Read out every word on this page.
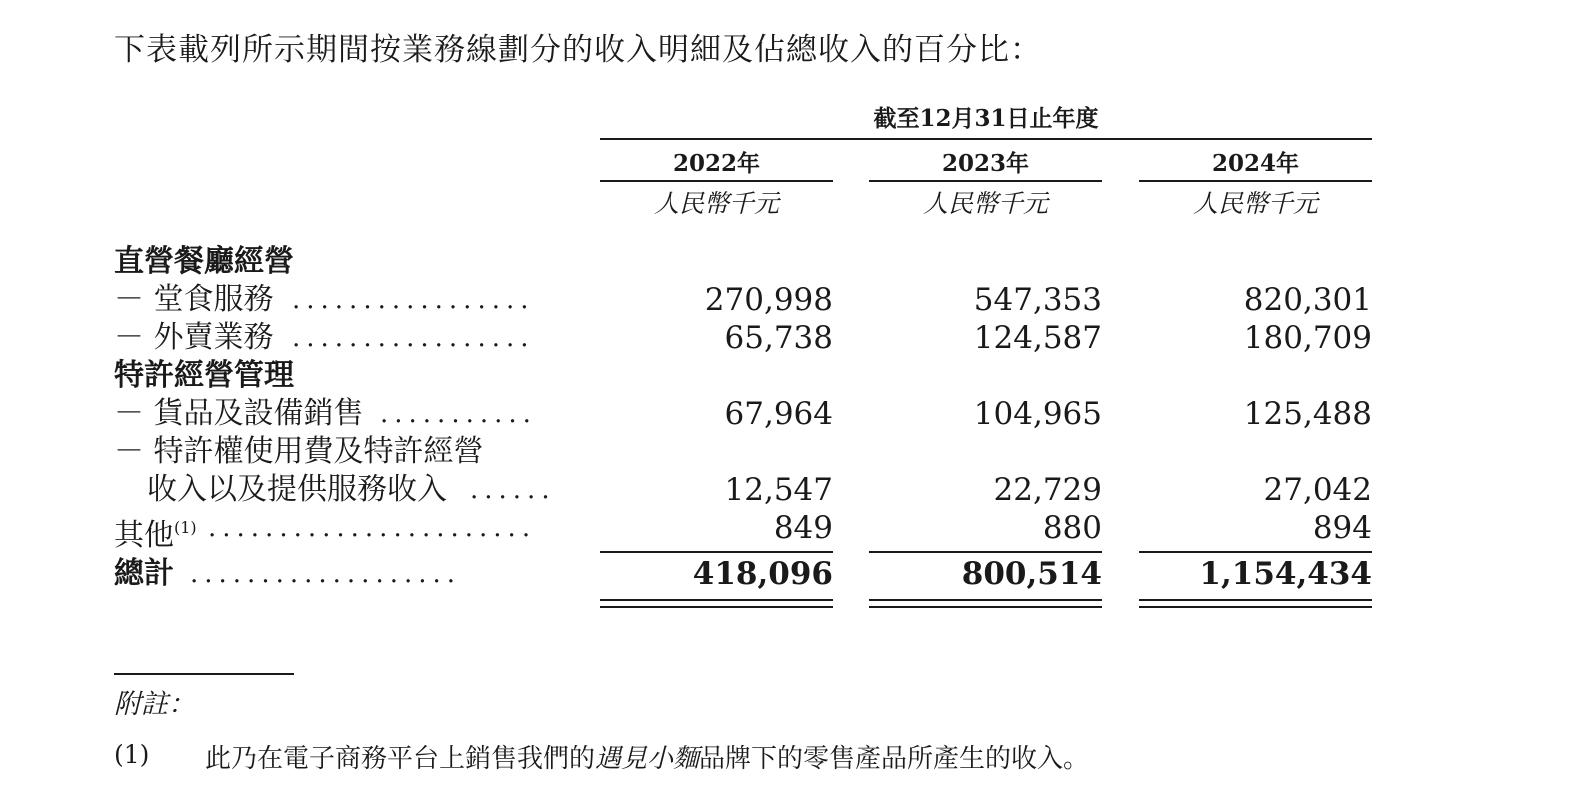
下表載列所示期間按業務線劃分的收入明細及佔總收入的百分比：
截至12月31日止年度
2022年	2023年	2024年
人民幣千元	人民幣千元	人民幣千元
直營餐廳經營
－ 堂食服務 .................	270,998	547,353	820,301
－ 外賣業務 .................	65,738	124,587	180,709
特許經營管理
－ 貨品及設備銷售 ...........	67,964	104,965	125,488
－ 特許權使用費及特許經營
收入以及提供服務收入 ......	12,547	22,729	27,042
其他$^{(1)}$ .......................	849	880	894
總計 ...................	418,096	800,514	1,154,434
附註：
(1) 此乃在電子商務平台上銷售我們的遇見小麵品牌下的零售產品所產生的收入。
